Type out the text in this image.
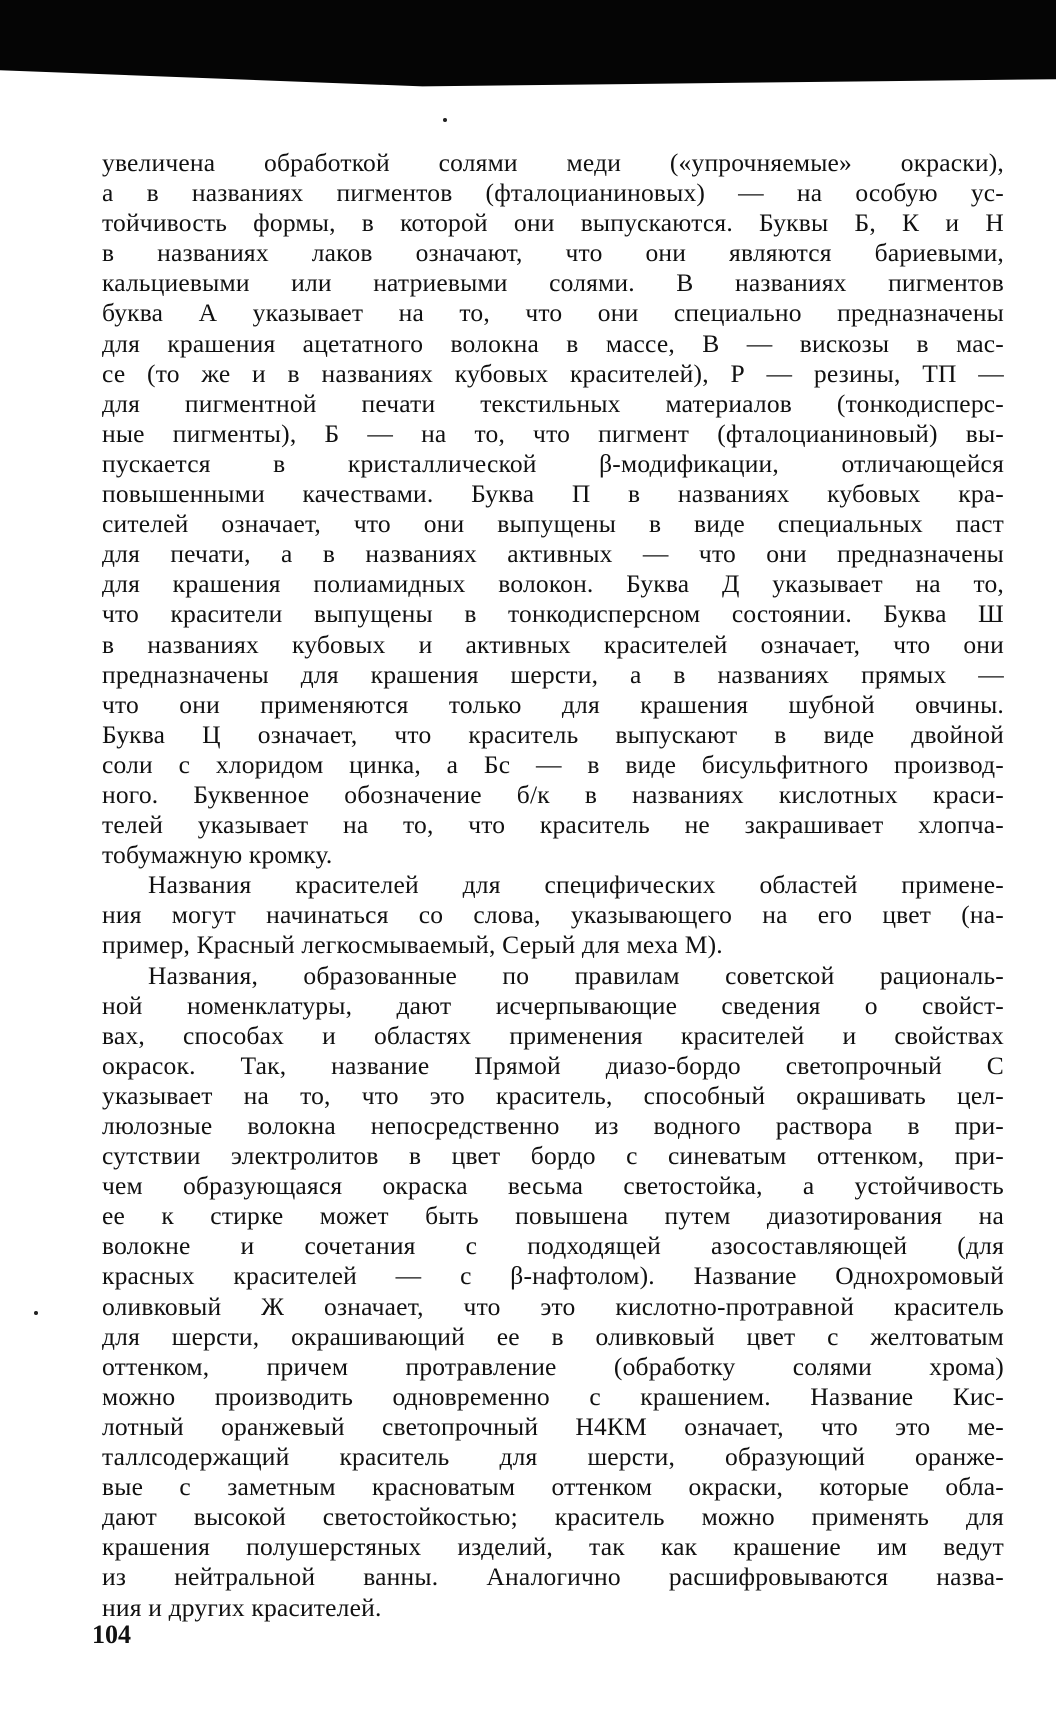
увеличена обработкой солями меди («упрочняемые» окраски),
а в названиях пигментов (фталоцианиновых) — на особую ус-
тойчивость формы, в которой они выпускаются. Буквы Б, К и Н
в названиях лаков означают, что они являются бариевыми,
кальциевыми или натриевыми солями. В названиях пигментов
буква А указывает на то, что они специально предназначены
для крашения ацетатного волокна в массе, В — вискозы в мас-
се (то же и в названиях кубовых красителей), Р — резины, ТП —
для пигментной печати текстильных материалов (тонкодисперс-
ные пигменты), Б — на то, что пигмент (фталоцианиновый) вы-
пускается в кристаллической β-модификации, отличающейся
повышенными качествами. Буква П в названиях кубовых кра-
сителей означает, что они выпущены в виде специальных паст
для печати, а в названиях активных — что они предназначены
для крашения полиамидных волокон. Буква Д указывает на то,
что красители выпущены в тонкодисперсном состоянии. Буква Ш
в названиях кубовых и активных красителей означает, что они
предназначены для крашения шерсти, а в названиях прямых —
что они применяются только для крашения шубной овчины.
Буква Ц означает, что краситель выпускают в виде двойной
соли с хлоридом цинка, а Бс — в виде бисульфитного производ-
ного. Буквенное обозначение б/к в названиях кислотных краси-
телей указывает на то, что краситель не закрашивает хлопча-
тобумажную кромку.
Названия красителей для специфических областей примене-
ния могут начинаться со слова, указывающего на его цвет (на-
пример, Красный легкосмываемый, Серый для меха М).
Названия, образованные по правилам советской рациональ-
ной номенклатуры, дают исчерпывающие сведения о свойст-
вах, способах и областях применения красителей и свойствах
окрасок. Так, название Прямой диазо-бордо светопрочный С
указывает на то, что это краситель, способный окрашивать цел-
люлозные волокна непосредственно из водного раствора в при-
сутствии электролитов в цвет бордо с синеватым оттенком, при-
чем образующаяся окраска весьма светостойка, а устойчивость
ее к стирке может быть повышена путем диазотирования на
волокне и сочетания с подходящей азосоставляющей (для
красных красителей — с β-нафтолом). Название Однохромовый
оливковый Ж означает, что это кислотно-протравной краситель
для шерсти, окрашивающий ее в оливковый цвет с желтоватым
оттенком, причем протравление (обработку солями хрома)
можно производить одновременно с крашением. Название Кис-
лотный оранжевый светопрочный Н4КМ означает, что это ме-
таллсодержащий краситель для шерсти, образующий оранже-
вые с заметным красноватым оттенком окраски, которые обла-
дают высокой светостойкостью; краситель можно применять для
крашения полушерстяных изделий, так как крашение им ведут
из нейтральной ванны. Аналогично расшифровываются назва-
ния и других красителей.
104
